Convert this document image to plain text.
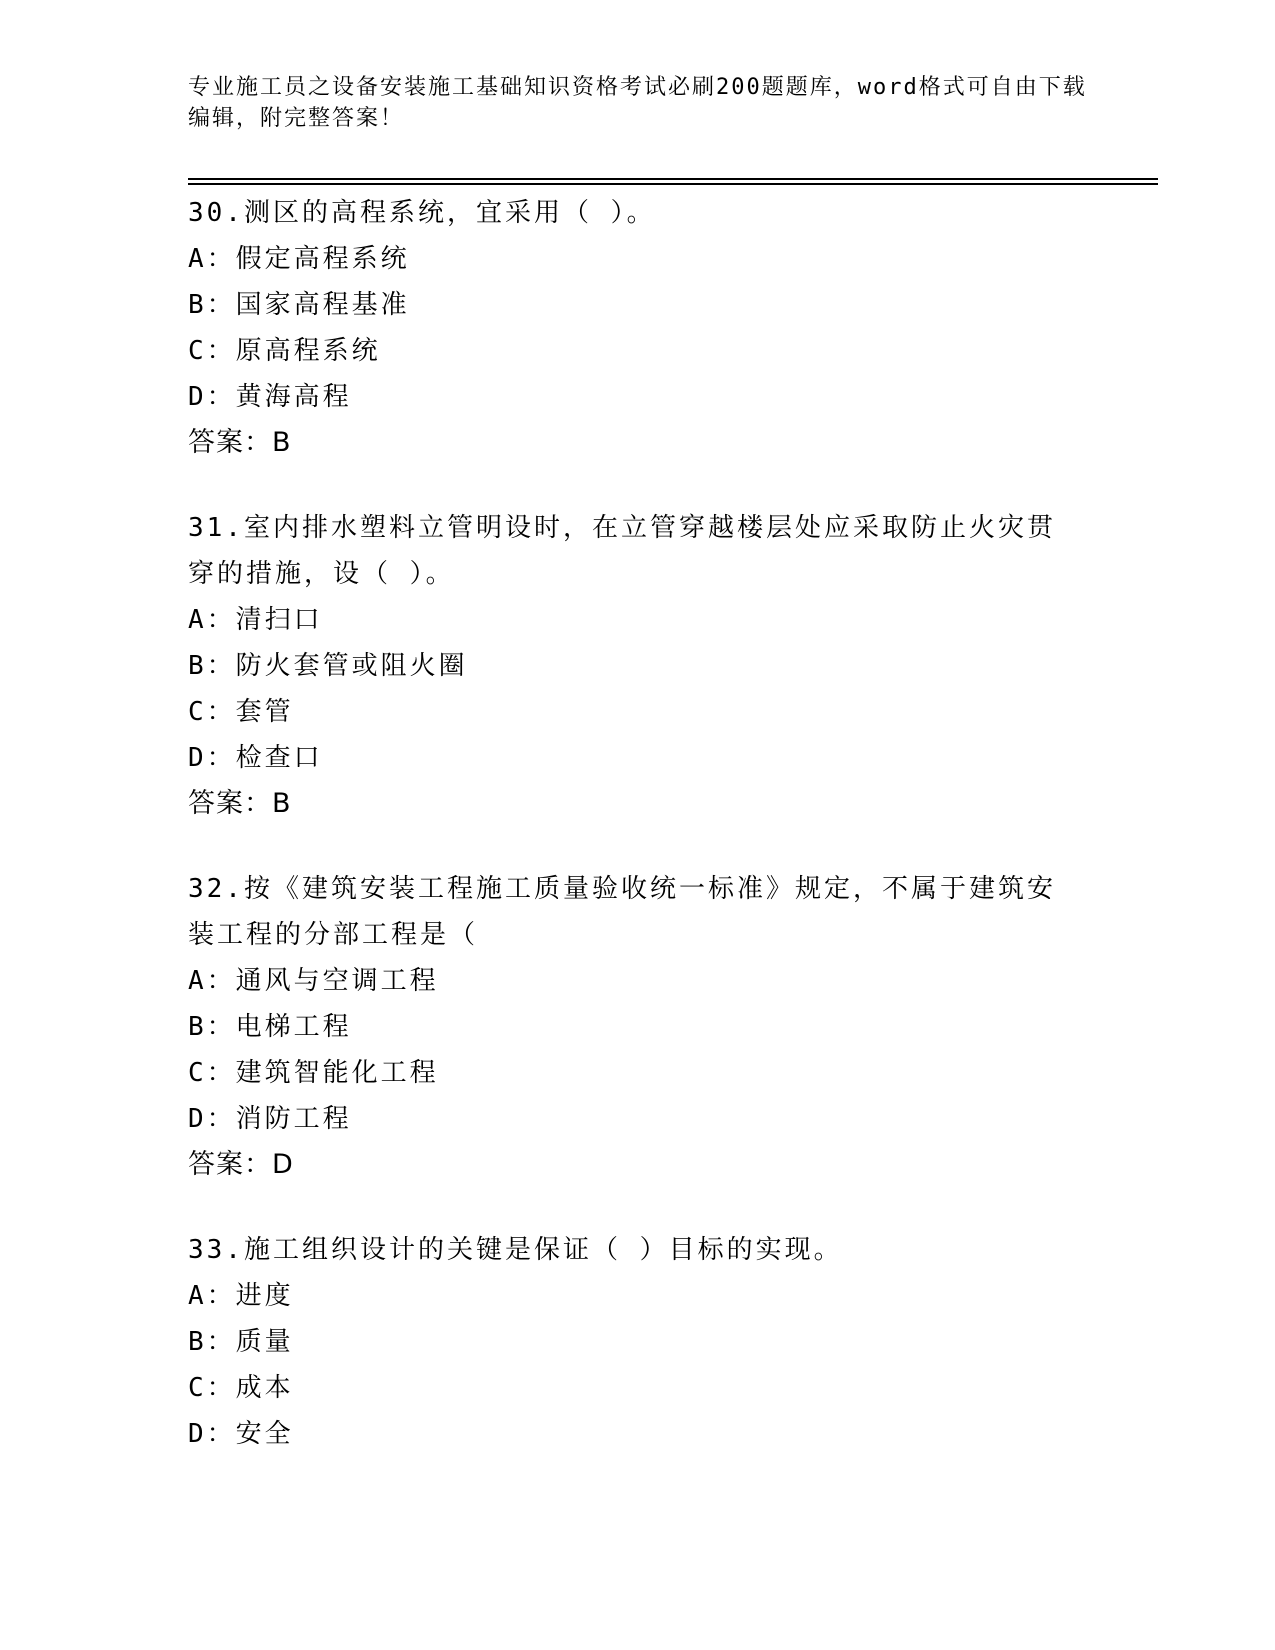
专业施工员之设备安装施工基础知识资格考试必刷200题题库，word格式可自由下载编辑，附完整答案！

30.测区的高程系统，宜采用（ ）。

A：假定高程系统

B：国家高程基准

C：原高程系统

D：黄海高程

答案：B

31.室内排水塑料立管明设时，在立管穿越楼层处应采取防止火灾贯穿的措施，设（ ）。

A：清扫口

B：防火套管或阻火圈

C：套管

D：检查口

答案：B

32.按《建筑安装工程施工质量验收统一标准》规定，不属于建筑安装工程的分部工程是（

A：通风与空调工程

B：电梯工程

C：建筑智能化工程

D：消防工程

答案：D

33.施工组织设计的关键是保证（ ）目标的实现。

A：进度

B：质量

C：成本

D：安全
